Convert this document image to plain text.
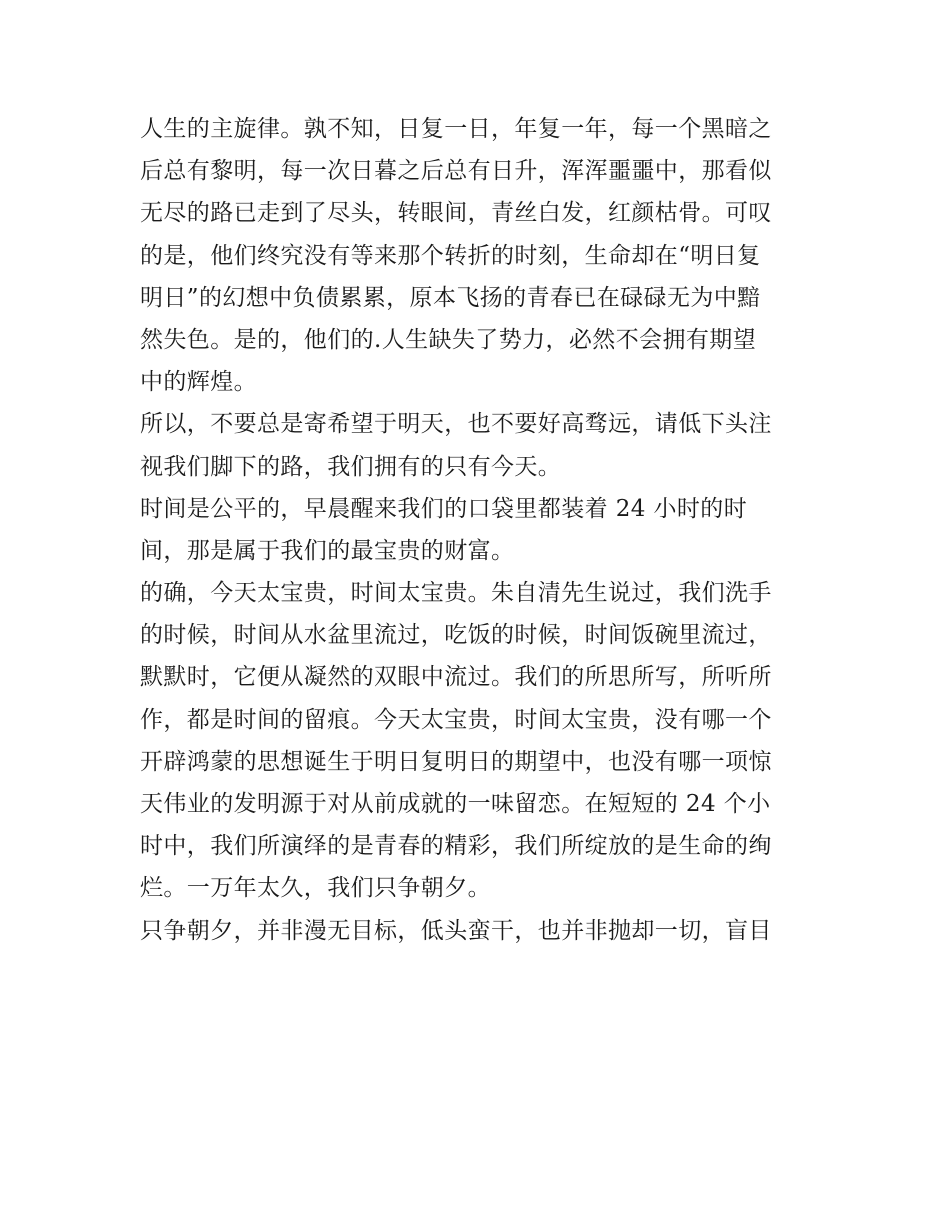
人生的主旋律。孰不知，日复一日，年复一年，每一个黑暗之
后总有黎明，每一次日暮之后总有日升，浑浑噩噩中，那看似
无尽的路已走到了尽头，转眼间，青丝白发，红颜枯骨。可叹
的是，他们终究没有等来那个转折的时刻，生命却在“明日复
明日”的幻想中负债累累，原本飞扬的青春已在碌碌无为中黯
然失色。是的，他们的.人生缺失了势力，必然不会拥有期望
中的辉煌。
所以，不要总是寄希望于明天，也不要好高骛远，请低下头注
视我们脚下的路，我们拥有的只有今天。
时间是公平的，早晨醒来我们的口袋里都装着 24 小时的时
间，那是属于我们的最宝贵的财富。
的确，今天太宝贵，时间太宝贵。朱自清先生说过，我们洗手
的时候，时间从水盆里流过，吃饭的时候，时间饭碗里流过，
默默时，它便从凝然的双眼中流过。我们的所思所写，所听所
作，都是时间的留痕。今天太宝贵，时间太宝贵，没有哪一个
开辟鸿蒙的思想诞生于明日复明日的期望中，也没有哪一项惊
天伟业的发明源于对从前成就的一味留恋。在短短的 24 个小
时中，我们所演绎的是青春的精彩，我们所绽放的是生命的绚
烂。一万年太久，我们只争朝夕。
只争朝夕，并非漫无目标，低头蛮干，也并非抛却一切，盲目
